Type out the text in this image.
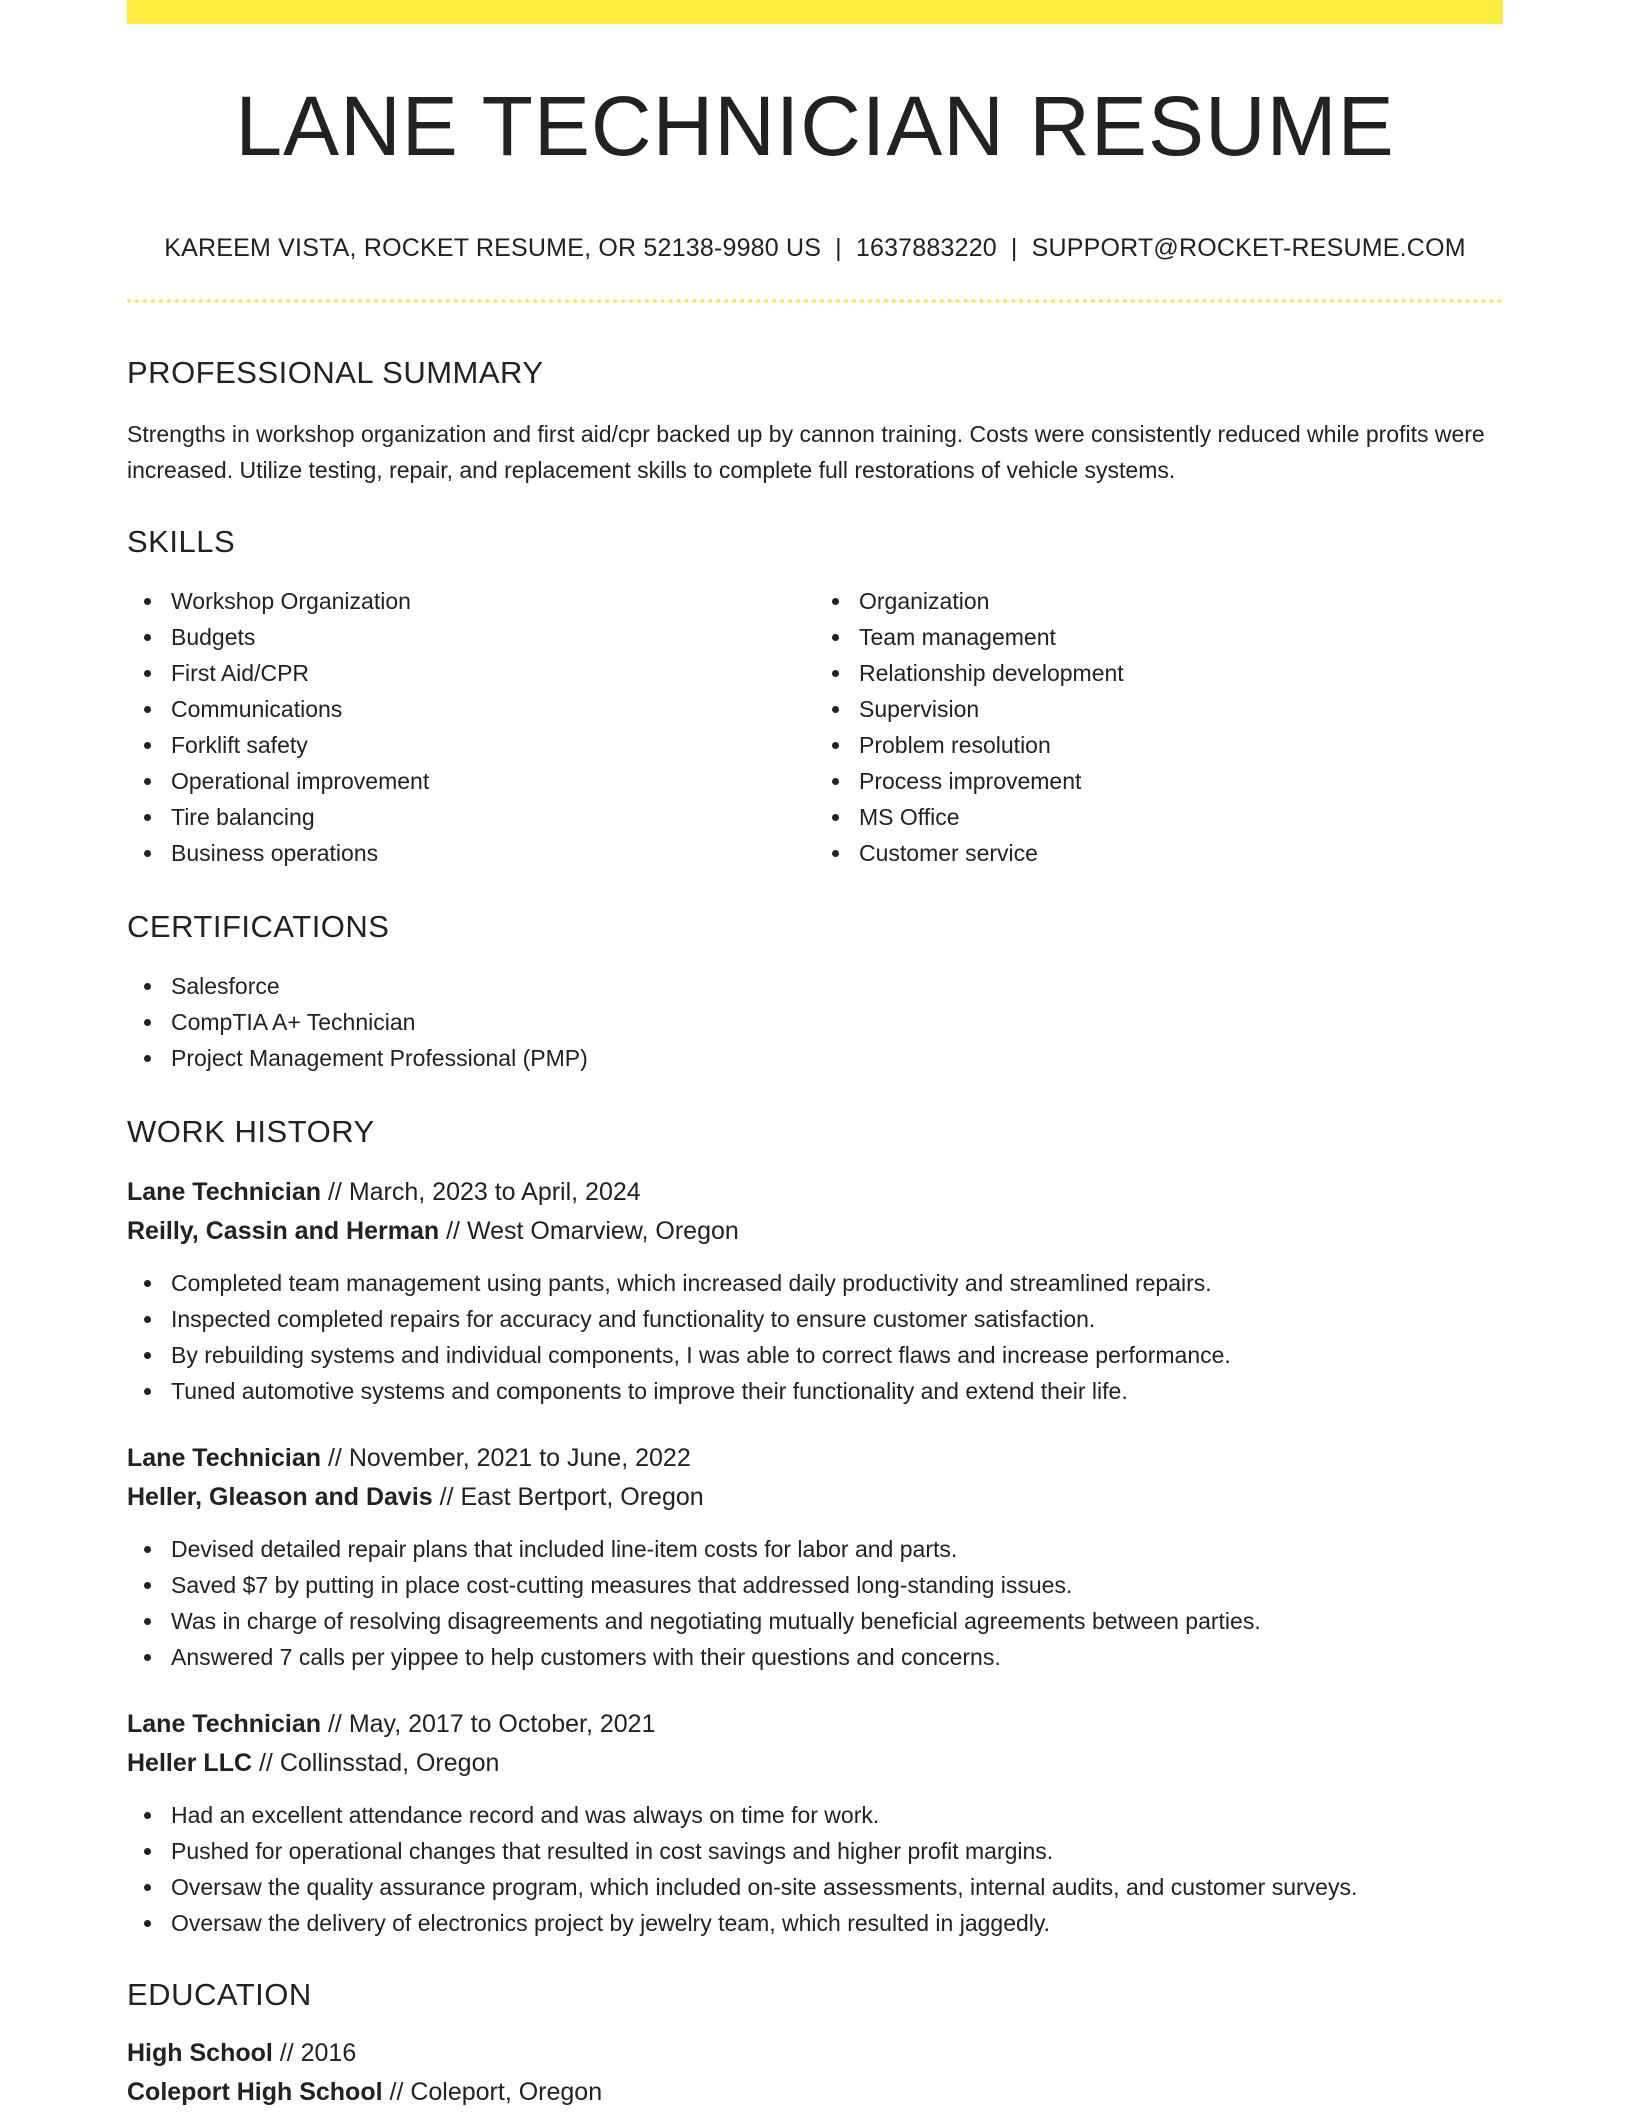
LANE TECHNICIAN RESUME
KAREEM VISTA, ROCKET RESUME, OR 52138-9980 US | 1637883220 | SUPPORT@ROCKET-RESUME.COM
PROFESSIONAL SUMMARY

Strengths in workshop organization and first aid/cpr backed up by cannon training. Costs were consistently reduced while profits were increased. Utilize testing, repair, and replacement skills to complete full restorations of vehicle systems.

SKILLS
Workshop Organization
Budgets
First Aid/CPR
Communications
Forklift safety
Operational improvement
Tire balancing
Business operations
Organization
Team management
Relationship development
Supervision
Problem resolution
Process improvement
MS Office
Customer service
CERTIFICATIONS
Salesforce
CompTIA A+ Technician
Project Management Professional (PMP)
WORK HISTORY
Lane Technician // March, 2023 to April, 2024
Reilly, Cassin and Herman // West Omarview, Oregon
Completed team management using pants, which increased daily productivity and streamlined repairs.
Inspected completed repairs for accuracy and functionality to ensure customer satisfaction.
By rebuilding systems and individual components, I was able to correct flaws and increase performance.
Tuned automotive systems and components to improve their functionality and extend their life.
Lane Technician // November, 2021 to June, 2022
Heller, Gleason and Davis // East Bertport, Oregon
Devised detailed repair plans that included line-item costs for labor and parts.
Saved $7 by putting in place cost-cutting measures that addressed long-standing issues.
Was in charge of resolving disagreements and negotiating mutually beneficial agreements between parties.
Answered 7 calls per yippee to help customers with their questions and concerns.
Lane Technician // May, 2017 to October, 2021
Heller LLC // Collinsstad, Oregon
Had an excellent attendance record and was always on time for work.
Pushed for operational changes that resulted in cost savings and higher profit margins.
Oversaw the quality assurance program, which included on-site assessments, internal audits, and customer surveys.
Oversaw the delivery of electronics project by jewelry team, which resulted in jaggedly.
EDUCATION
High School // 2016
Coleport High School // Coleport, Oregon
